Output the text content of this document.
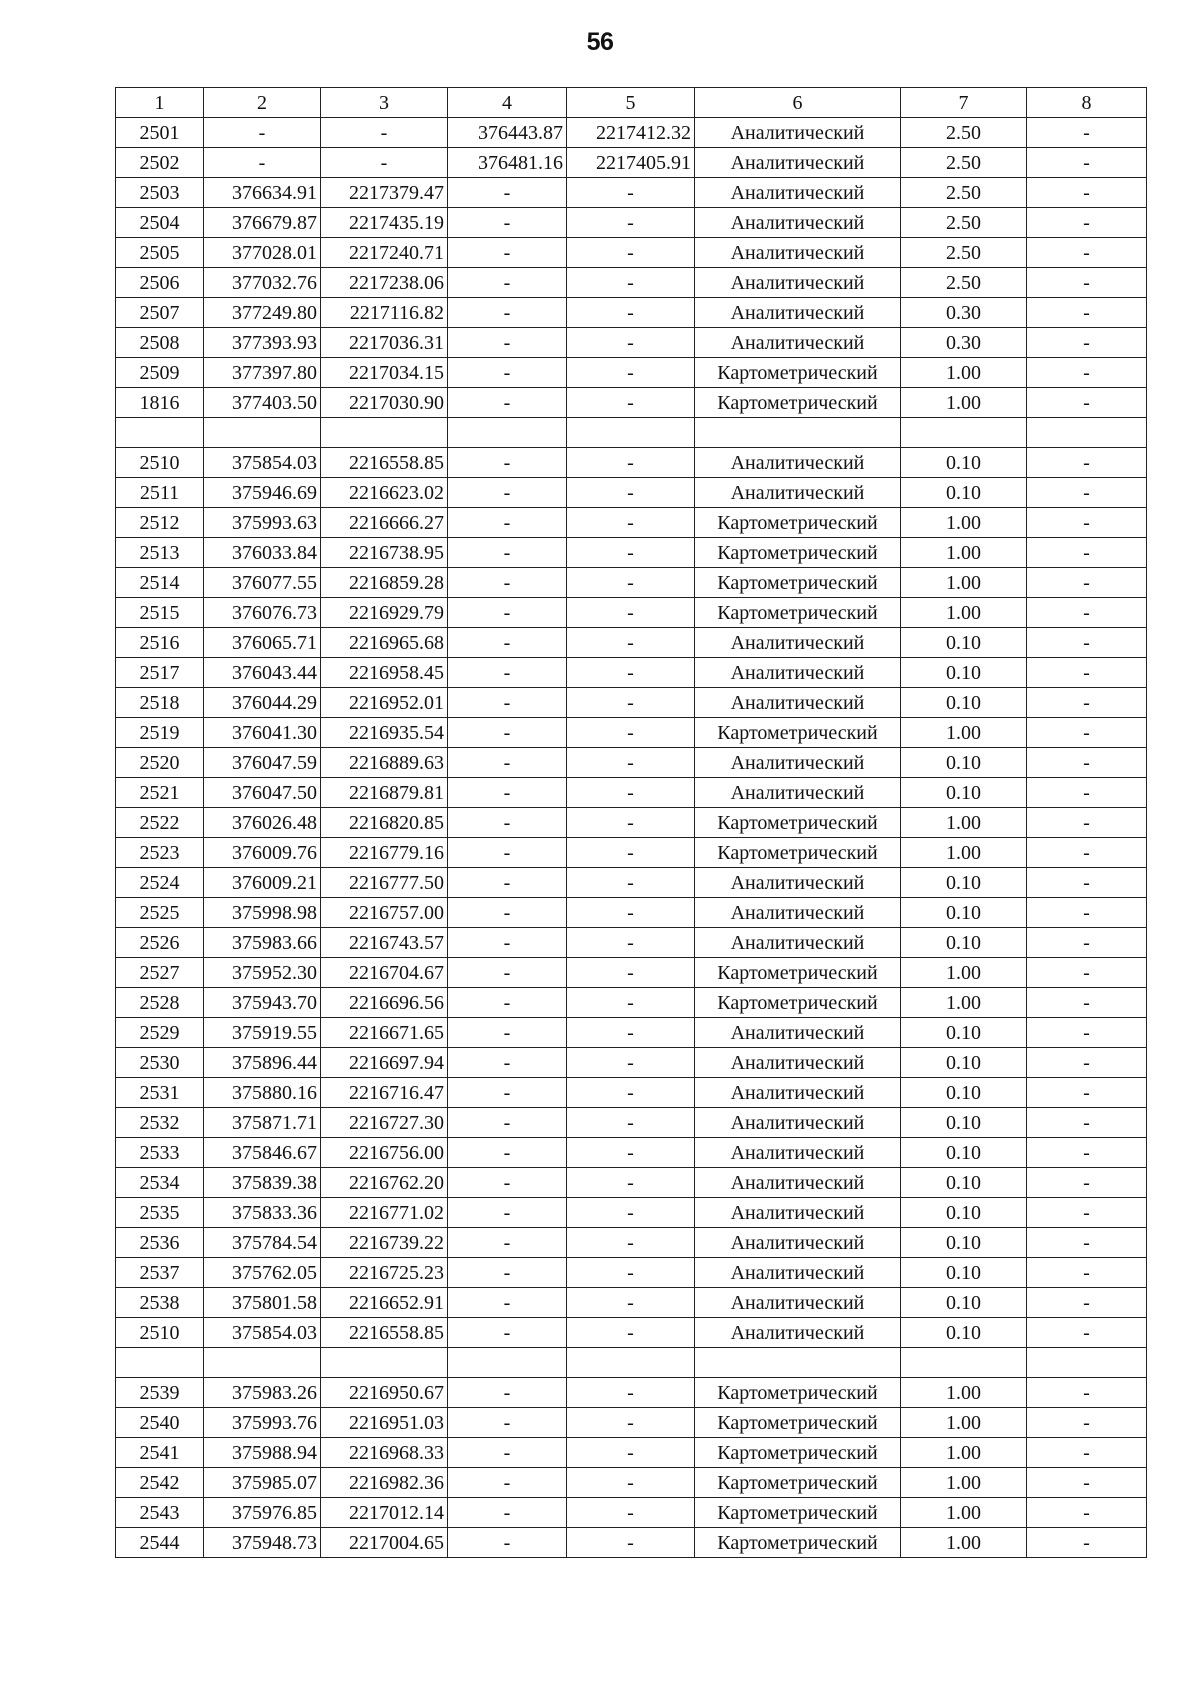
56
1	2	3	4	5	6	7	8
2501	-	-	376443.87	2217412.32	Аналитический	2.50	-
2502	-	-	376481.16	2217405.91	Аналитический	2.50	-
2503	376634.91	2217379.47	-	-	Аналитический	2.50	-
2504	376679.87	2217435.19	-	-	Аналитический	2.50	-
2505	377028.01	2217240.71	-	-	Аналитический	2.50	-
2506	377032.76	2217238.06	-	-	Аналитический	2.50	-
2507	377249.80	2217116.82	-	-	Аналитический	0.30	-
2508	377393.93	2217036.31	-	-	Аналитический	0.30	-
2509	377397.80	2217034.15	-	-	Картометрический	1.00	-
1816	377403.50	2217030.90	-	-	Картометрический	1.00	-

2510	375854.03	2216558.85	-	-	Аналитический	0.10	-
2511	375946.69	2216623.02	-	-	Аналитический	0.10	-
2512	375993.63	2216666.27	-	-	Картометрический	1.00	-
2513	376033.84	2216738.95	-	-	Картометрический	1.00	-
2514	376077.55	2216859.28	-	-	Картометрический	1.00	-
2515	376076.73	2216929.79	-	-	Картометрический	1.00	-
2516	376065.71	2216965.68	-	-	Аналитический	0.10	-
2517	376043.44	2216958.45	-	-	Аналитический	0.10	-
2518	376044.29	2216952.01	-	-	Аналитический	0.10	-
2519	376041.30	2216935.54	-	-	Картометрический	1.00	-
2520	376047.59	2216889.63	-	-	Аналитический	0.10	-
2521	376047.50	2216879.81	-	-	Аналитический	0.10	-
2522	376026.48	2216820.85	-	-	Картометрический	1.00	-
2523	376009.76	2216779.16	-	-	Картометрический	1.00	-
2524	376009.21	2216777.50	-	-	Аналитический	0.10	-
2525	375998.98	2216757.00	-	-	Аналитический	0.10	-
2526	375983.66	2216743.57	-	-	Аналитический	0.10	-
2527	375952.30	2216704.67	-	-	Картометрический	1.00	-
2528	375943.70	2216696.56	-	-	Картометрический	1.00	-
2529	375919.55	2216671.65	-	-	Аналитический	0.10	-
2530	375896.44	2216697.94	-	-	Аналитический	0.10	-
2531	375880.16	2216716.47	-	-	Аналитический	0.10	-
2532	375871.71	2216727.30	-	-	Аналитический	0.10	-
2533	375846.67	2216756.00	-	-	Аналитический	0.10	-
2534	375839.38	2216762.20	-	-	Аналитический	0.10	-
2535	375833.36	2216771.02	-	-	Аналитический	0.10	-
2536	375784.54	2216739.22	-	-	Аналитический	0.10	-
2537	375762.05	2216725.23	-	-	Аналитический	0.10	-
2538	375801.58	2216652.91	-	-	Аналитический	0.10	-
2510	375854.03	2216558.85	-	-	Аналитический	0.10	-

2539	375983.26	2216950.67	-	-	Картометрический	1.00	-
2540	375993.76	2216951.03	-	-	Картометрический	1.00	-
2541	375988.94	2216968.33	-	-	Картометрический	1.00	-
2542	375985.07	2216982.36	-	-	Картометрический	1.00	-
2543	375976.85	2217012.14	-	-	Картометрический	1.00	-
2544	375948.73	2217004.65	-	-	Картометрический	1.00	-
